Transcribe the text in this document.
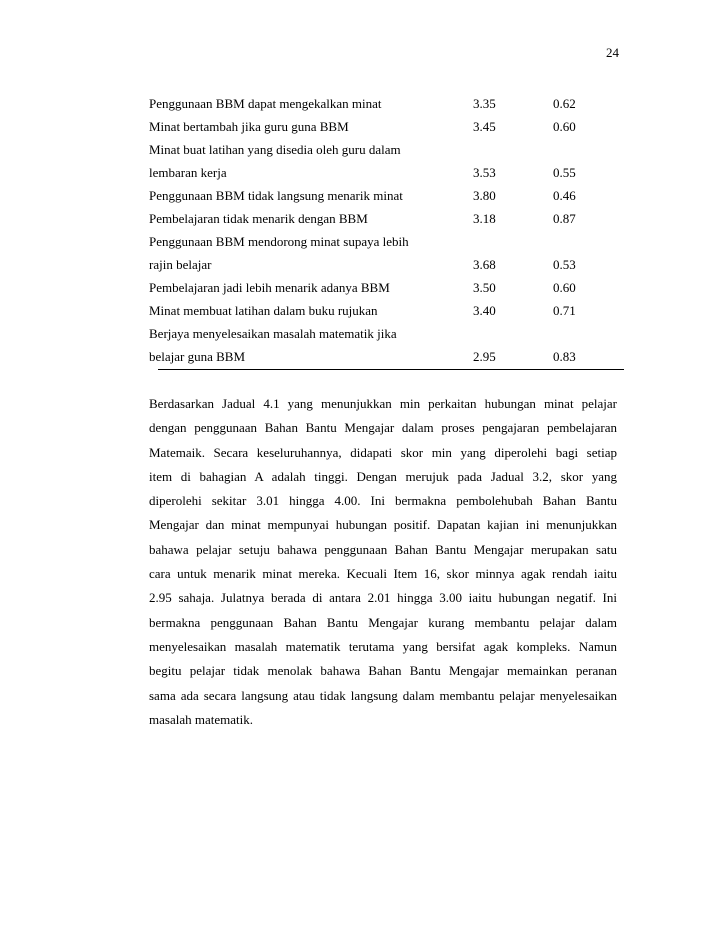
24
Penggunaan BBM dapat mengekalkan minat	3.35	0.62
Minat bertambah jika guru guna BBM	3.45	0.60
Minat buat latihan yang disedia oleh guru dalam
lembaran kerja	3.53	0.55
Penggunaan BBM tidak langsung menarik minat	3.80	0.46
Pembelajaran tidak menarik dengan BBM	3.18	0.87
Penggunaan BBM mendorong minat supaya lebih
rajin belajar	3.68	0.53
Pembelajaran jadi lebih menarik adanya BBM	3.50	0.60
Minat membuat latihan dalam buku rujukan	3.40	0.71
Berjaya menyelesaikan masalah matematik jika
belajar guna BBM	2.95	0.83
Berdasarkan Jadual 4.1 yang menunjukkan min perkaitan hubungan minat pelajar
dengan penggunaan Bahan Bantu Mengajar dalam proses pengajaran pembelajaran
Matemaik. Secara keseluruhannya, didapati skor min yang diperolehi bagi setiap
item di bahagian A adalah tinggi. Dengan merujuk pada Jadual 3.2, skor yang
diperolehi sekitar 3.01 hingga 4.00. Ini bermakna pembolehubah Bahan Bantu
Mengajar dan minat mempunyai hubungan positif. Dapatan kajian ini menunjukkan
bahawa pelajar setuju bahawa penggunaan Bahan Bantu Mengajar merupakan satu
cara untuk menarik minat mereka. Kecuali Item 16, skor minnya agak rendah iaitu
2.95 sahaja. Julatnya berada di antara 2.01 hingga 3.00 iaitu hubungan negatif. Ini
bermakna penggunaan Bahan Bantu Mengajar kurang membantu pelajar dalam
menyelesaikan masalah matematik terutama yang bersifat agak kompleks. Namun
begitu pelajar tidak menolak bahawa Bahan Bantu Mengajar memainkan peranan
sama ada secara langsung atau tidak langsung dalam membantu pelajar menyelesaikan
masalah matematik.
